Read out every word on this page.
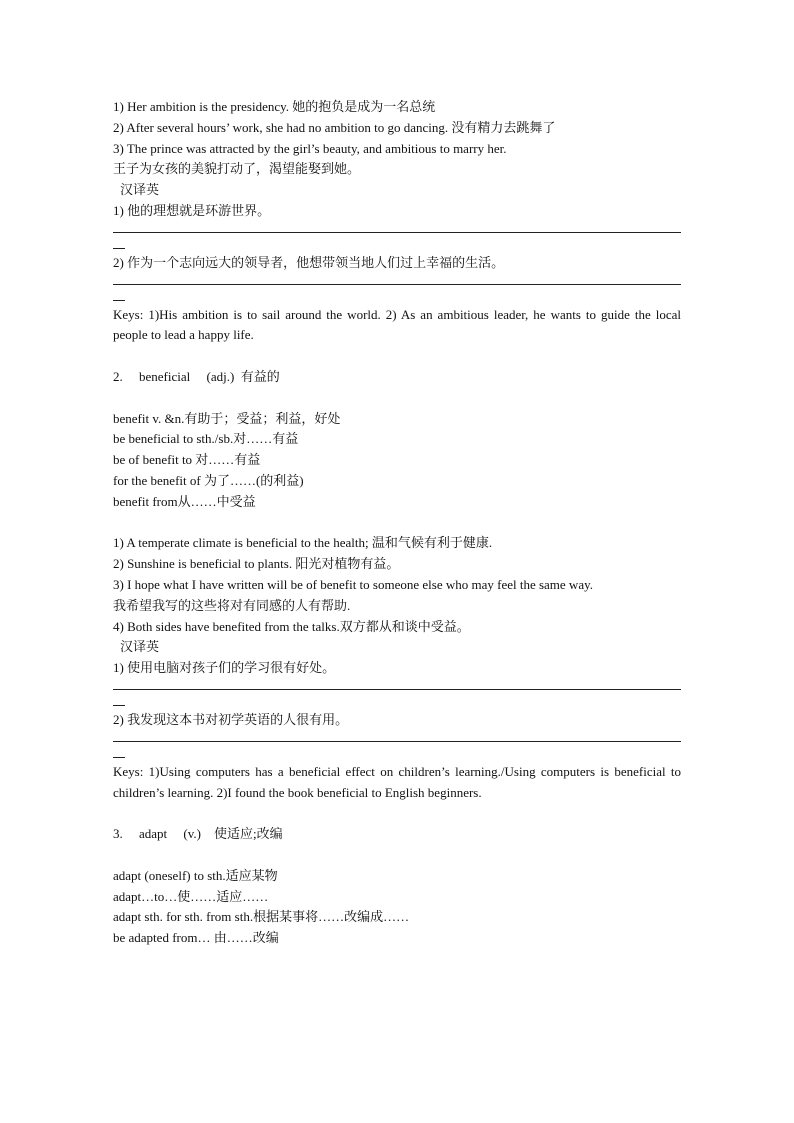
1) Her ambition is the presidency. 她的抱负是成为一名总统
2) After several hours’ work, she had no ambition to go dancing. 没有精力去跳舞了
3) The prince was attracted by the girl’s beauty, and ambitious to marry her.
王子为女孩的美貌打动了，渴望能娶到她。
汉译英
1) 他的理想就是环游世界。
2) 作为一个志向远大的领导者，他想带领当地人们过上幸福的生活。
Keys: 1)His ambition is to sail around the world. 2) As an ambitious leader, he wants to guide the local people to lead a happy life.
2.     beneficial     (adj.)  有益的
benefit v. &n.有助于；受益；利益，好处
be beneficial to sth./sb.对……有益
be of benefit to 对……有益
for the benefit of 为了……(的利益)
benefit from从……中受益
1) A temperate climate is beneficial to the health; 温和气候有利于健康.
2) Sunshine is beneficial to plants. 阳光对植物有益。
3) I hope what I have written will be of benefit to someone else who may feel the same way.
我希望我写的这些将对有同感的人有帮助.
4) Both sides have benefited from the talks.双方都从和谈中受益。
汉译英
1) 使用电脑对孩子们的学习很有好处。
2) 我发现这本书对初学英语的人很有用。
Keys: 1)Using computers has a beneficial effect on children’s learning./Using computers is beneficial to children’s learning. 2)I found the book beneficial to English beginners.
3.     adapt     (v.)    使适应;改编
adapt (oneself) to sth.适应某物
adapt…to…使……适应……
adapt sth. for sth. from sth.根据某事将……改编成……
be adapted from… 由……改编
